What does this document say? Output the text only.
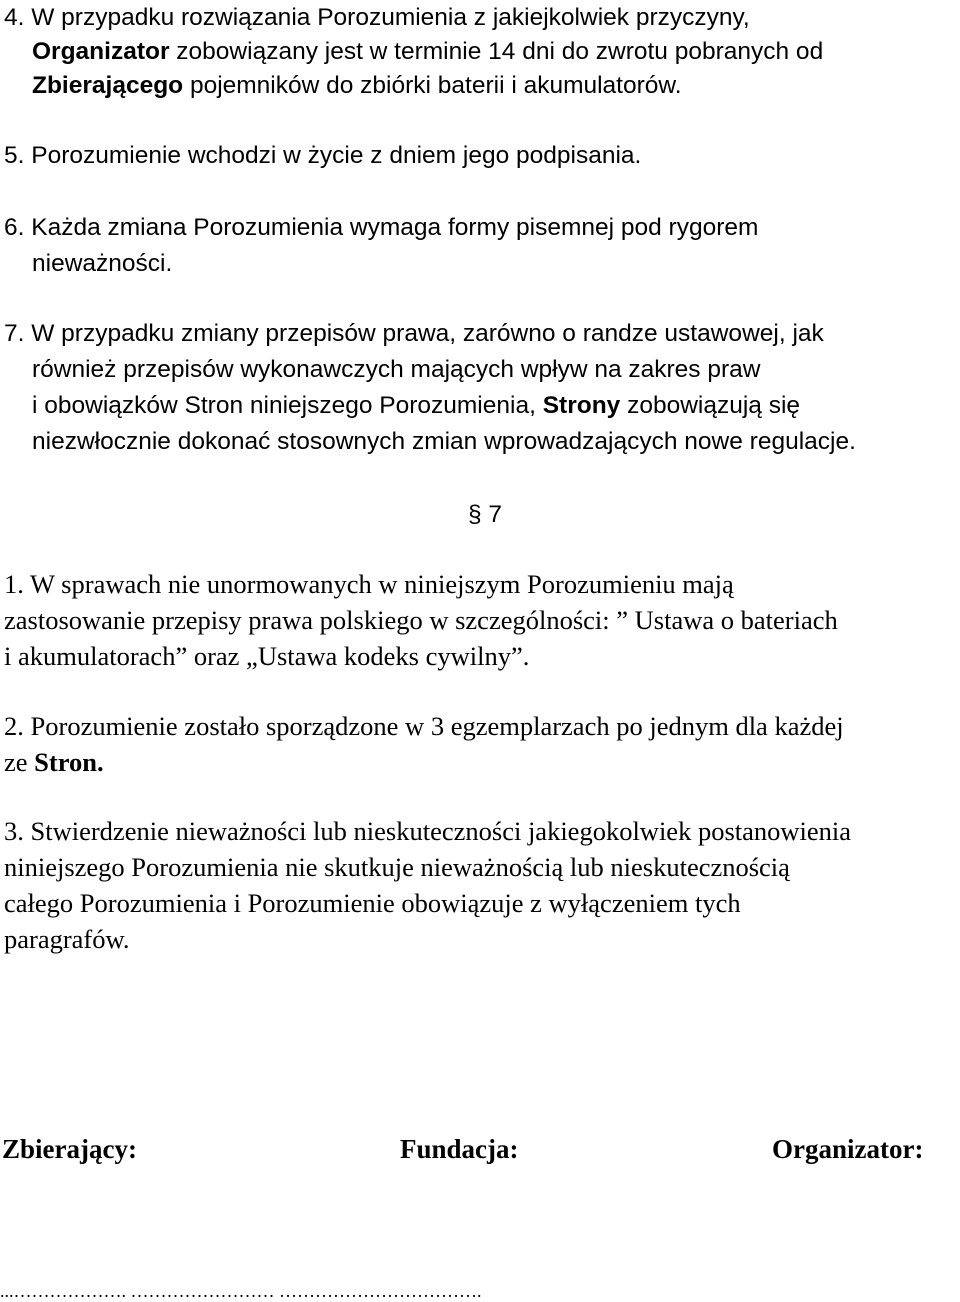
4. W przypadku rozwiązania Porozumienia z jakiejkolwiek przyczyny,
Organizator zobowiązany jest w terminie 14 dni do zwrotu pobranych od
Zbierającego pojemników do zbiórki baterii i akumulatorów.
5. Porozumienie wchodzi w życie z dniem jego podpisania.
6. Każda zmiana Porozumienia wymaga formy pisemnej pod rygorem
nieważności.
7. W przypadku zmiany przepisów prawa, zarówno o randze ustawowej, jak
również przepisów wykonawczych mających wpływ na zakres praw
i obowiązków Stron niniejszego Porozumienia, Strony zobowiązują się
niezwłocznie dokonać stosownych zmian wprowadzających nowe regulacje.
§ 7
1. W sprawach nie unormowanych w niniejszym Porozumieniu mają
zastosowanie przepisy prawa polskiego w szczególności: ” Ustawa o bateriach
i akumulatorach” oraz „Ustawa kodeks cywilny”.
2. Porozumienie zostało sporządzone w 3 egzemplarzach po jednym dla każdej
ze Stron.
3. Stwierdzenie nieważności lub nieskuteczności jakiegokolwiek postanowienia
niniejszego Porozumienia nie skutkuje nieważnością lub nieskutecznością
całego Porozumienia i Porozumienie obowiązuje z wyłączeniem tych
paragrafów.
Zbierający:	Fundacja:	Organizator:
...………………. …………………… …………………………….
